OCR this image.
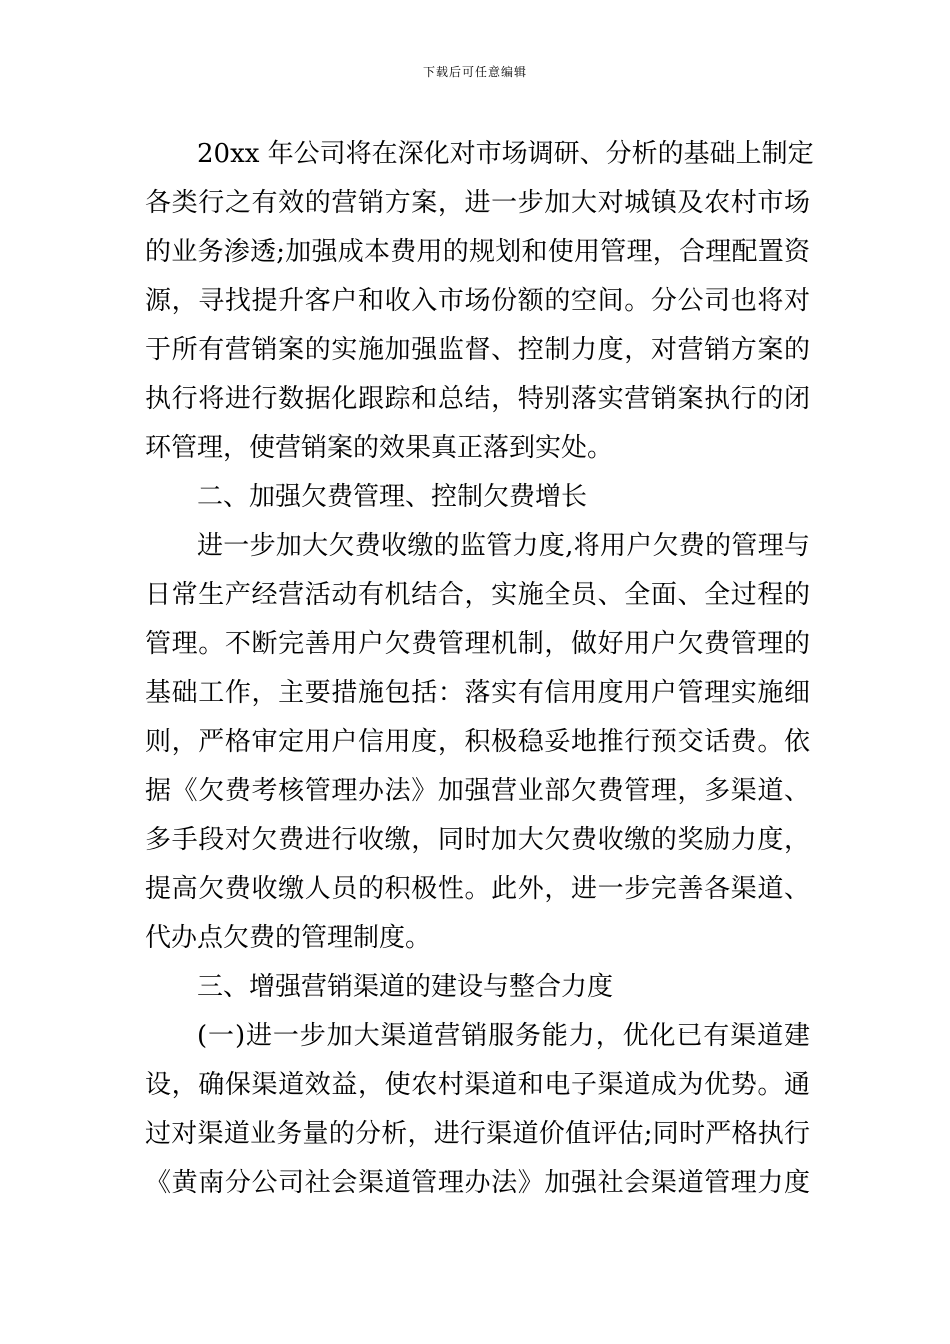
下载后可任意编辑
20xx 年公司将在深化对市场调研、分析的基础上制定
各类行之有效的营销方案，进一步加大对城镇及农村市场
的业务渗透;加强成本费用的规划和使用管理，合理配置资
源，寻找提升客户和收入市场份额的空间。分公司也将对
于所有营销案的实施加强监督、控制力度，对营销方案的
执行将进行数据化跟踪和总结，特别落实营销案执行的闭
环管理，使营销案的效果真正落到实处。
二、加强欠费管理、控制欠费增长
进一步加大欠费收缴的监管力度,将用户欠费的管理与
日常生产经营活动有机结合，实施全员、全面、全过程的
管理。不断完善用户欠费管理机制，做好用户欠费管理的
基础工作，主要措施包括：落实有信用度用户管理实施细
则，严格审定用户信用度，积极稳妥地推行预交话费。依
据《欠费考核管理办法》加强营业部欠费管理，多渠道、
多手段对欠费进行收缴，同时加大欠费收缴的奖励力度，
提高欠费收缴人员的积极性。此外，进一步完善各渠道、
代办点欠费的管理制度。
三、增强营销渠道的建设与整合力度
(一)进一步加大渠道营销服务能力，优化已有渠道建
设，确保渠道效益，使农村渠道和电子渠道成为优势。通
过对渠道业务量的分析，进行渠道价值评估;同时严格执行
《黄南分公司社会渠道管理办法》加强社会渠道管理力度
